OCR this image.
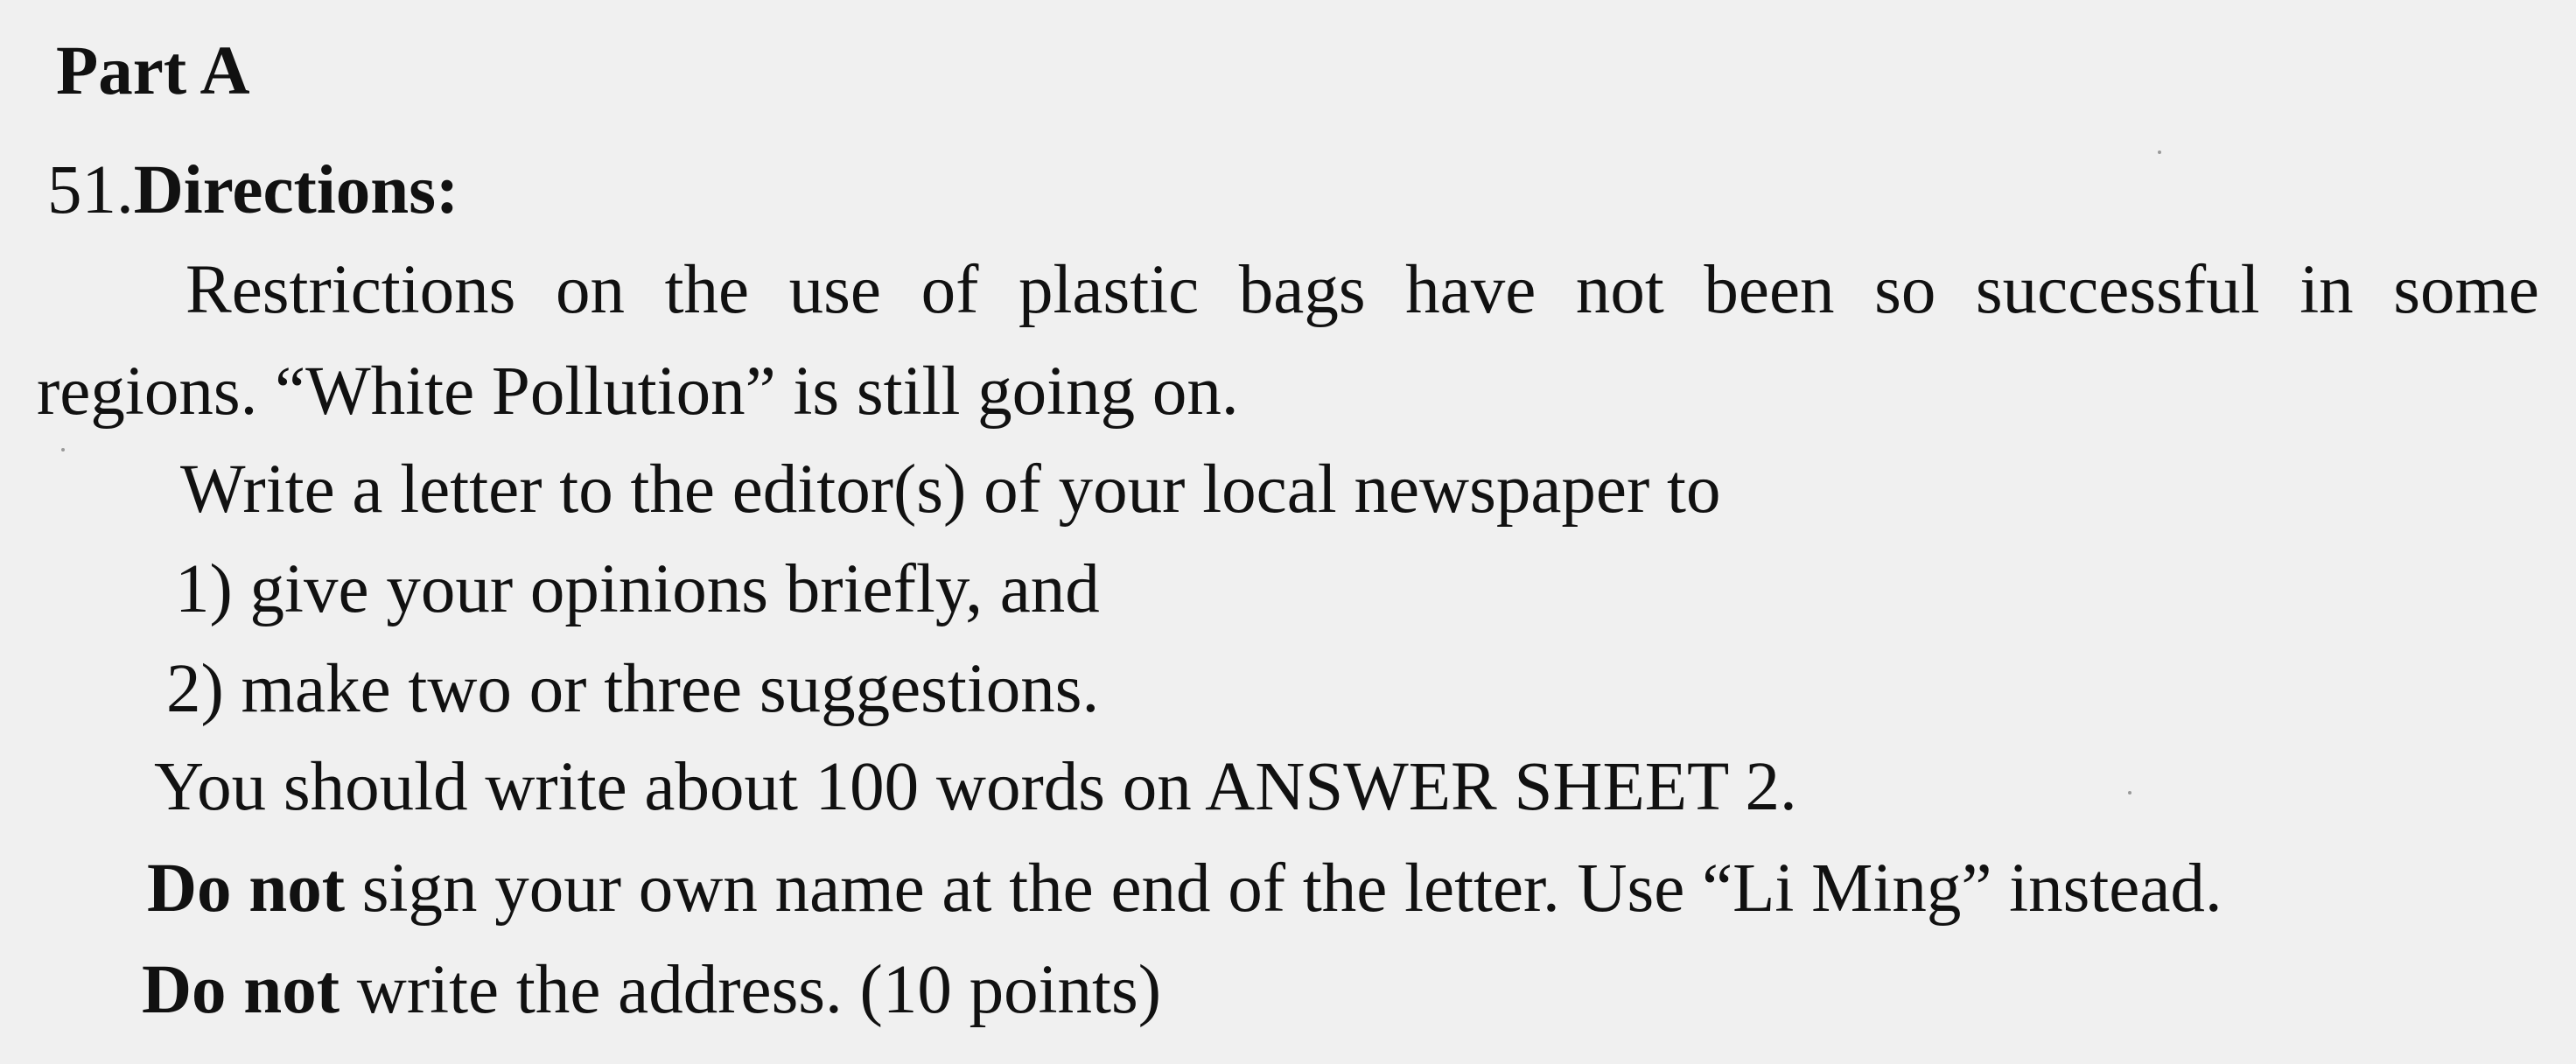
Part A
51.Directions:
Restrictions on the use of plastic bags have not been so successful in some
regions. “White Pollution” is still going on.
Write a letter to the editor(s) of your local newspaper to
1) give your opinions briefly, and
2) make two or three suggestions.
You should write about 100 words on ANSWER SHEET 2.
Do not sign your own name at the end of the letter. Use “Li Ming” instead.
Do not write the address. (10 points)
